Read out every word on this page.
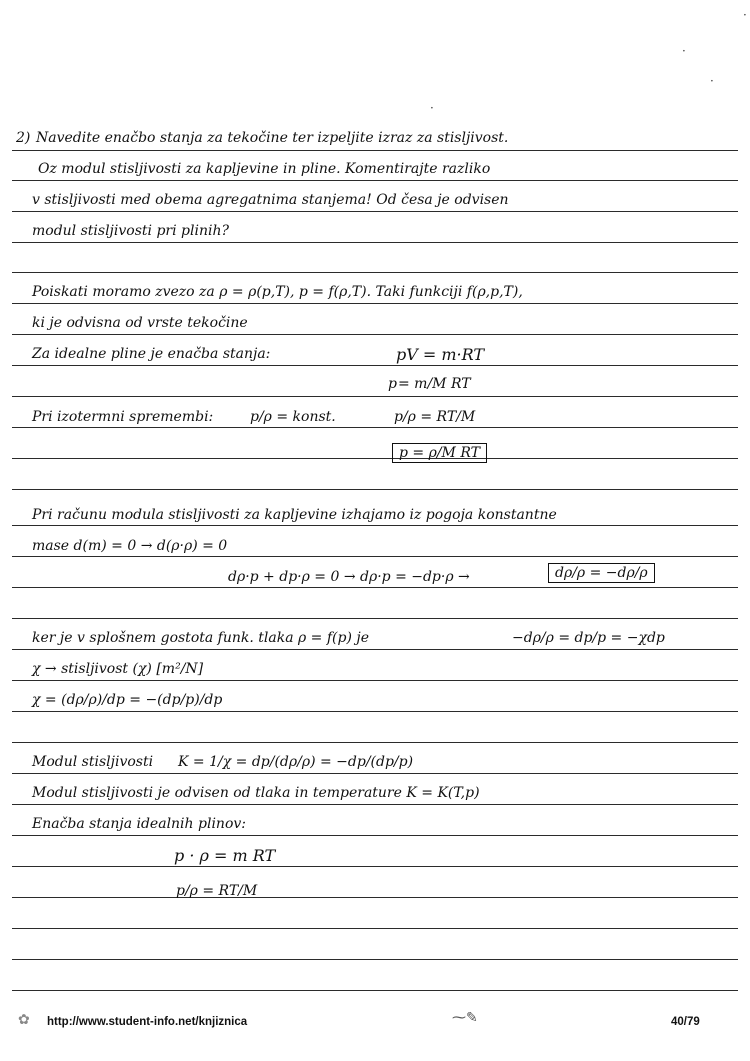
·
·
·
·
2) Navedite enačbo stanja za tekočine ter izpeljite izraz za stisljivost.
Oz modul stisljivosti za kapljevine in pline. Komentirajte razliko
v stisljivosti med obema agregatnima stanjema! Od česa je odvisen
modul stisljivosti pri plinih?
Poiskati moramo zvezo za ρ = ρ(p,T), p = f(ρ,T). Taki funkciji f(ρ,p,T),
ki je odvisna od vrste tekočine
Za idealne pline je enačba stanja:	pV = m·RT
p = m/M RT
Pri izotermni spremembi:	p/ρ = konst.	p/ρ = RT/M
p = ρ/M RT
Pri računu modula stisljivosti za kapljevine izhajamo iz pogoja konstantne
mase d(m) = 0 → d(ρ·ρ) = 0
dρ·p + dp·ρ = 0 → dρ·p = −dp·ρ →	dρ/ρ = −dρ/ρ
ker je v splošnem gostota funk. tlaka ρ = f(p) je	−dρ/ρ = dp/p = −χdp
χ → stisljivost (χ) [m²/N]
χ = (dρ/ρ)/dp = −(dp/p)/dp
Modul stisljivosti K = 1/χ = dp/(dρ/ρ) = −dp/(dp/p)
Modul stisljivosti je odvisen od tlaka in temperature K = K(T,p)
Enačba stanja idealnih plinov:
p · ρ = m RT
p/ρ = RT/M
✿ http://www.student-info.net/knjiznica	⁓✎	40/79
